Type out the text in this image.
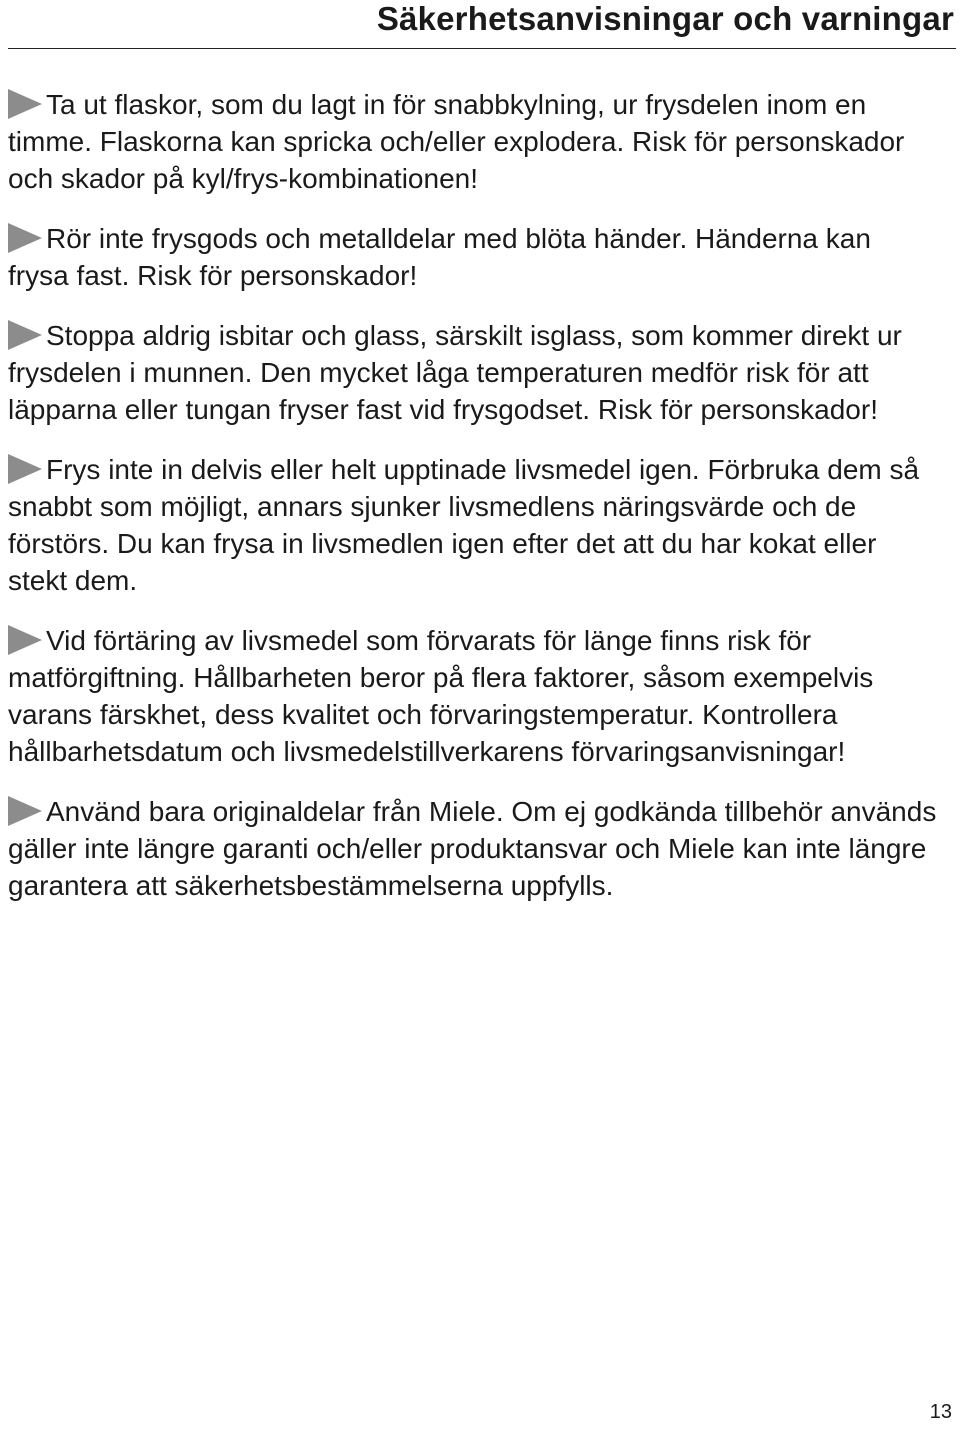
Säkerhetsanvisningar och varningar

Ta ut flaskor, som du lagt in för snabbkylning, ur frysdelen inom en timme. Flaskorna kan spricka och/eller explodera. Risk för personskador och skador på kyl/frys-kombinationen!

Rör inte frysgods och metalldelar med blöta händer. Händerna kan frysa fast. Risk för personskador!

Stoppa aldrig isbitar och glass, särskilt isglass, som kommer direkt ur frysdelen i munnen. Den mycket låga temperaturen medför risk för att läpparna eller tungan fryser fast vid frysgodset. Risk för personskador!

Frys inte in delvis eller helt upptinade livsmedel igen. Förbruka dem så snabbt som möjligt, annars sjunker livsmedlens näringsvärde och de förstörs. Du kan frysa in livsmedlen igen efter det att du har kokat eller stekt dem.

Vid förtäring av livsmedel som förvarats för länge finns risk för matförgiftning. Hållbarheten beror på flera faktorer, såsom exempelvis varans färskhet, dess kvalitet och förvaringstemperatur. Kontrollera hållbarhetsdatum och livsmedelstillverkarens förvaringsanvisningar!

Använd bara originaldelar från Miele. Om ej godkända tillbehör används gäller inte längre garanti och/eller produktansvar och Miele kan inte längre garantera att säkerhetsbestämmelserna uppfylls.

13
